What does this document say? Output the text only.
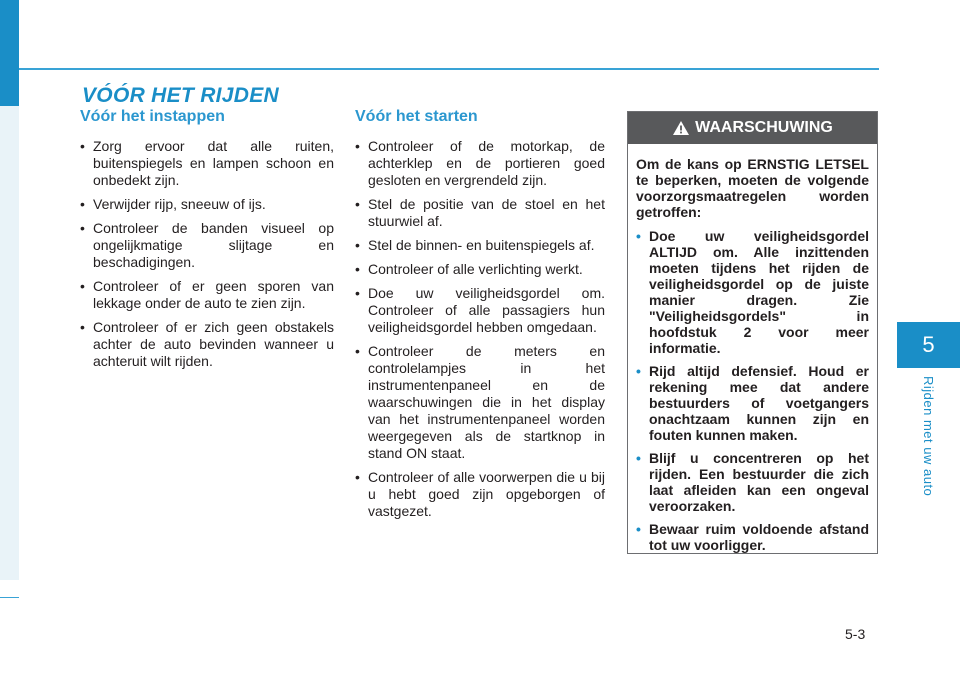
VÓÓR HET RIJDEN
Vóór het instappen
• Zorg ervoor dat alle ruiten, buitenspiegels en lampen schoon en onbedekt zijn.
• Verwijder rijp, sneeuw of ijs.
• Controleer de banden visueel op ongelijkmatige slijtage en beschadigingen.
• Controleer of er geen sporen van lekkage onder de auto te zien zijn.
• Controleer of er zich geen obstakels achter de auto bevinden wanneer u achteruit wilt rijden.
Vóór het starten
• Controleer of de motorkap, de achterklep en de portieren goed gesloten en vergrendeld zijn.
• Stel de positie van de stoel en het stuurwiel af.
• Stel de binnen- en buitenspiegels af.
• Controleer of alle verlichting werkt.
• Doe uw veiligheidsgordel om. Controleer of alle passagiers hun veiligheidsgordel hebben omgedaan.
• Controleer de meters en controlelampjes in het instrumentenpaneel en de waarschuwingen die in het display van het instrumentenpaneel worden weergegeven als de startknop in stand ON staat.
• Controleer of alle voorwerpen die u bij u hebt goed zijn opgeborgen of vastgezet.
WAARSCHUWING

Om de kans op ERNSTIG LETSEL te beperken, moeten de volgende voorzorgsmaatregelen worden getroffen:

• Doe uw veiligheidsgordel ALTIJD om. Alle inzittenden moeten tijdens het rijden de veiligheidsgordel op de juiste manier dragen. Zie "Veiligheidsgordels" in hoofdstuk 2 voor meer informatie.
• Rijd altijd defensief. Houd er rekening mee dat andere bestuurders of voetgangers onachtzaam kunnen zijn en fouten kunnen maken.
• Blijf u concentreren op het rijden. Een bestuurder die zich laat afleiden kan een ongeval veroorzaken.
• Bewaar ruim voldoende afstand tot uw voorligger.
5
Rijden met uw auto
5-3
